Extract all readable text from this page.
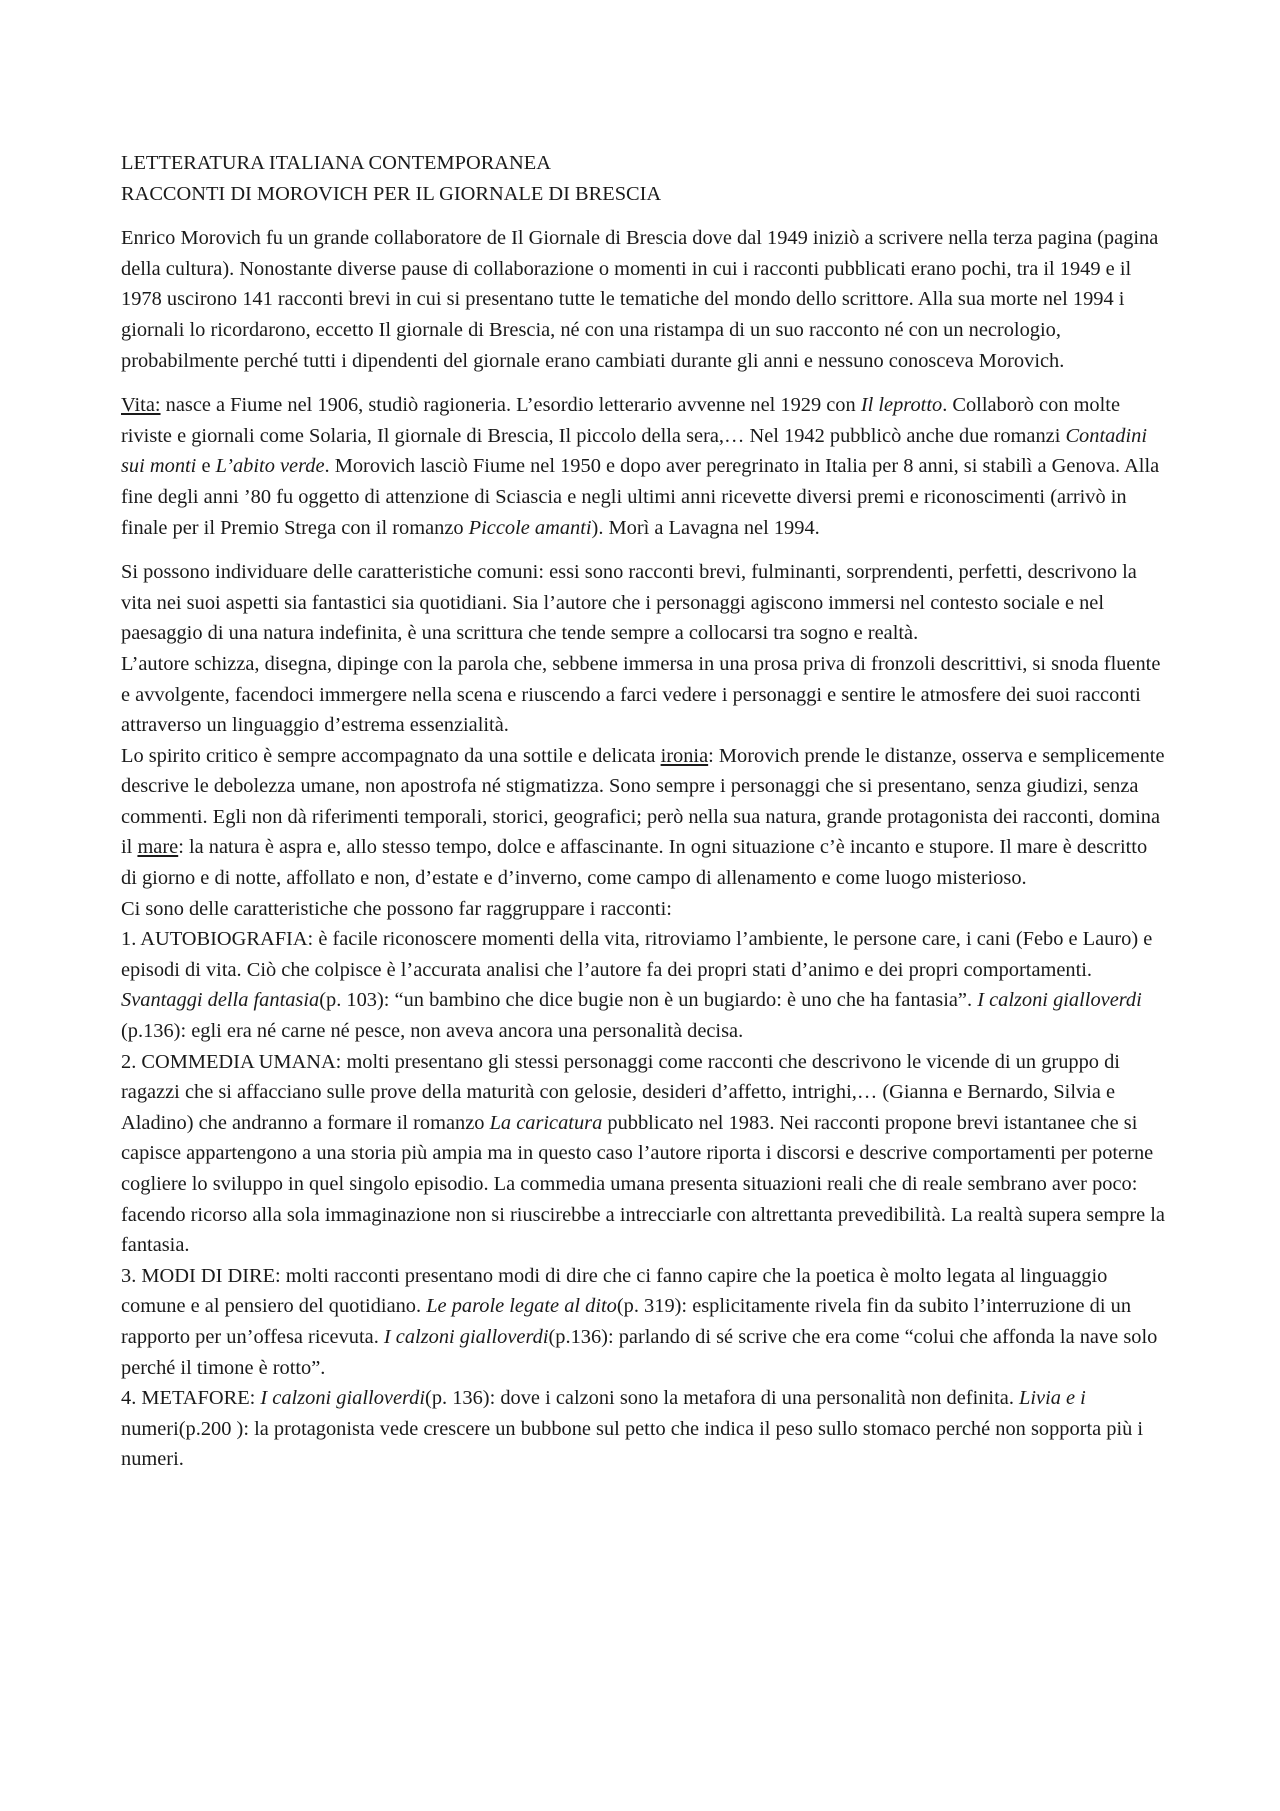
LETTERATURA ITALIANA CONTEMPORANEA

RACCONTI DI MOROVICH PER IL GIORNALE DI BRESCIA

Enrico Morovich fu un grande collaboratore de Il Giornale di Brescia dove dal 1949 iniziò a scrivere nella terza pagina (pagina della cultura). Nonostante diverse pause di collaborazione o momenti in cui i racconti pubblicati erano pochi, tra il 1949 e il 1978 uscirono 141 racconti brevi in cui si presentano tutte le tematiche del mondo dello scrittore. Alla sua morte nel 1994 i giornali lo ricordarono, eccetto Il giornale di Brescia, né con una ristampa di un suo racconto né con un necrologio, probabilmente perché tutti i dipendenti del giornale erano cambiati durante gli anni e nessuno conosceva Morovich.

Vita: nasce a Fiume nel 1906, studiò ragioneria. L’esordio letterario avvenne nel 1929 con Il leprotto. Collaborò con molte riviste e giornali come Solaria, Il giornale di Brescia, Il piccolo della sera,… Nel 1942 pubblicò anche due romanzi Contadini sui monti e L’abito verde. Morovich lasciò Fiume nel 1950 e dopo aver peregrinato in Italia per 8 anni, si stabilì a Genova. Alla fine degli anni ’80 fu oggetto di attenzione di Sciascia e negli ultimi anni ricevette diversi premi e riconoscimenti (arrivò in finale per il Premio Strega con il romanzo Piccole amanti). Morì a Lavagna nel 1994.

Si possono individuare delle caratteristiche comuni: essi sono racconti brevi, fulminanti, sorprendenti, perfetti, descrivono la vita nei suoi aspetti sia fantastici sia quotidiani. Sia l’autore che i personaggi agiscono immersi nel contesto sociale e nel paesaggio di una natura indefinita, è una scrittura che tende sempre a collocarsi tra sogno e realtà.

L’autore schizza, disegna, dipinge con la parola che, sebbene immersa in una prosa priva di fronzoli descrittivi, si snoda fluente e avvolgente, facendoci immergere nella scena e riuscendo a farci vedere i personaggi e sentire le atmosfere dei suoi racconti attraverso un linguaggio d’estrema essenzialità.

Lo spirito critico è sempre accompagnato da una sottile e delicata ironia: Morovich prende le distanze, osserva e semplicemente descrive le debolezza umane, non apostrofa né stigmatizza. Sono sempre i personaggi che si presentano, senza giudizi, senza commenti. Egli non dà riferimenti temporali, storici, geografici; però nella sua natura, grande protagonista dei racconti, domina il mare: la natura è aspra e, allo stesso tempo, dolce e affascinante. In ogni situazione c’è incanto e stupore. Il mare è descritto di giorno e di notte, affollato e non, d’estate e d’inverno, come campo di allenamento e come luogo misterioso.

Ci sono delle caratteristiche che possono far raggruppare i racconti:

1. AUTOBIOGRAFIA: è facile riconoscere momenti della vita, ritroviamo l’ambiente, le persone care, i cani (Febo e Lauro) e episodi di vita. Ciò che colpisce è l’accurata analisi che l’autore fa dei propri stati d’animo e dei propri comportamenti. Svantaggi della fantasia(p. 103): “un bambino che dice bugie non è un bugiardo: è uno che ha fantasia”. I calzoni gialloverdi (p.136): egli era né carne né pesce, non aveva ancora una personalità decisa.

2. COMMEDIA UMANA: molti presentano gli stessi personaggi come racconti che descrivono le vicende di un gruppo di ragazzi che si affacciano sulle prove della maturità con gelosie, desideri d’affetto, intrighi,… (Gianna e Bernardo, Silvia e Aladino) che andranno a formare il romanzo La caricatura pubblicato nel 1983. Nei racconti propone brevi istantanee che si capisce appartengono a una storia più ampia ma in questo caso l’autore riporta i discorsi e descrive comportamenti per poterne cogliere lo sviluppo in quel singolo episodio. La commedia umana presenta situazioni reali che di reale sembrano aver poco: facendo ricorso alla sola immaginazione non si riuscirebbe a intrecciarle con altrettanta prevedibilità. La realtà supera sempre la fantasia.

3. MODI DI DIRE: molti racconti presentano modi di dire che ci fanno capire che la poetica è molto legata al linguaggio comune e al pensiero del quotidiano. Le parole legate al dito(p. 319): esplicitamente rivela fin da subito l’interruzione di un rapporto per un’offesa ricevuta. I calzoni gialloverdi(p.136): parlando di sé scrive che era come “colui che affonda la nave solo perché il timone è rotto”.

4. METAFORE: I calzoni gialloverdi(p. 136): dove i calzoni sono la metafora di una personalità non definita. Livia e i numeri(p.200 ): la protagonista vede crescere un bubbone sul petto che indica il peso sullo stomaco perché non sopporta più i numeri.
